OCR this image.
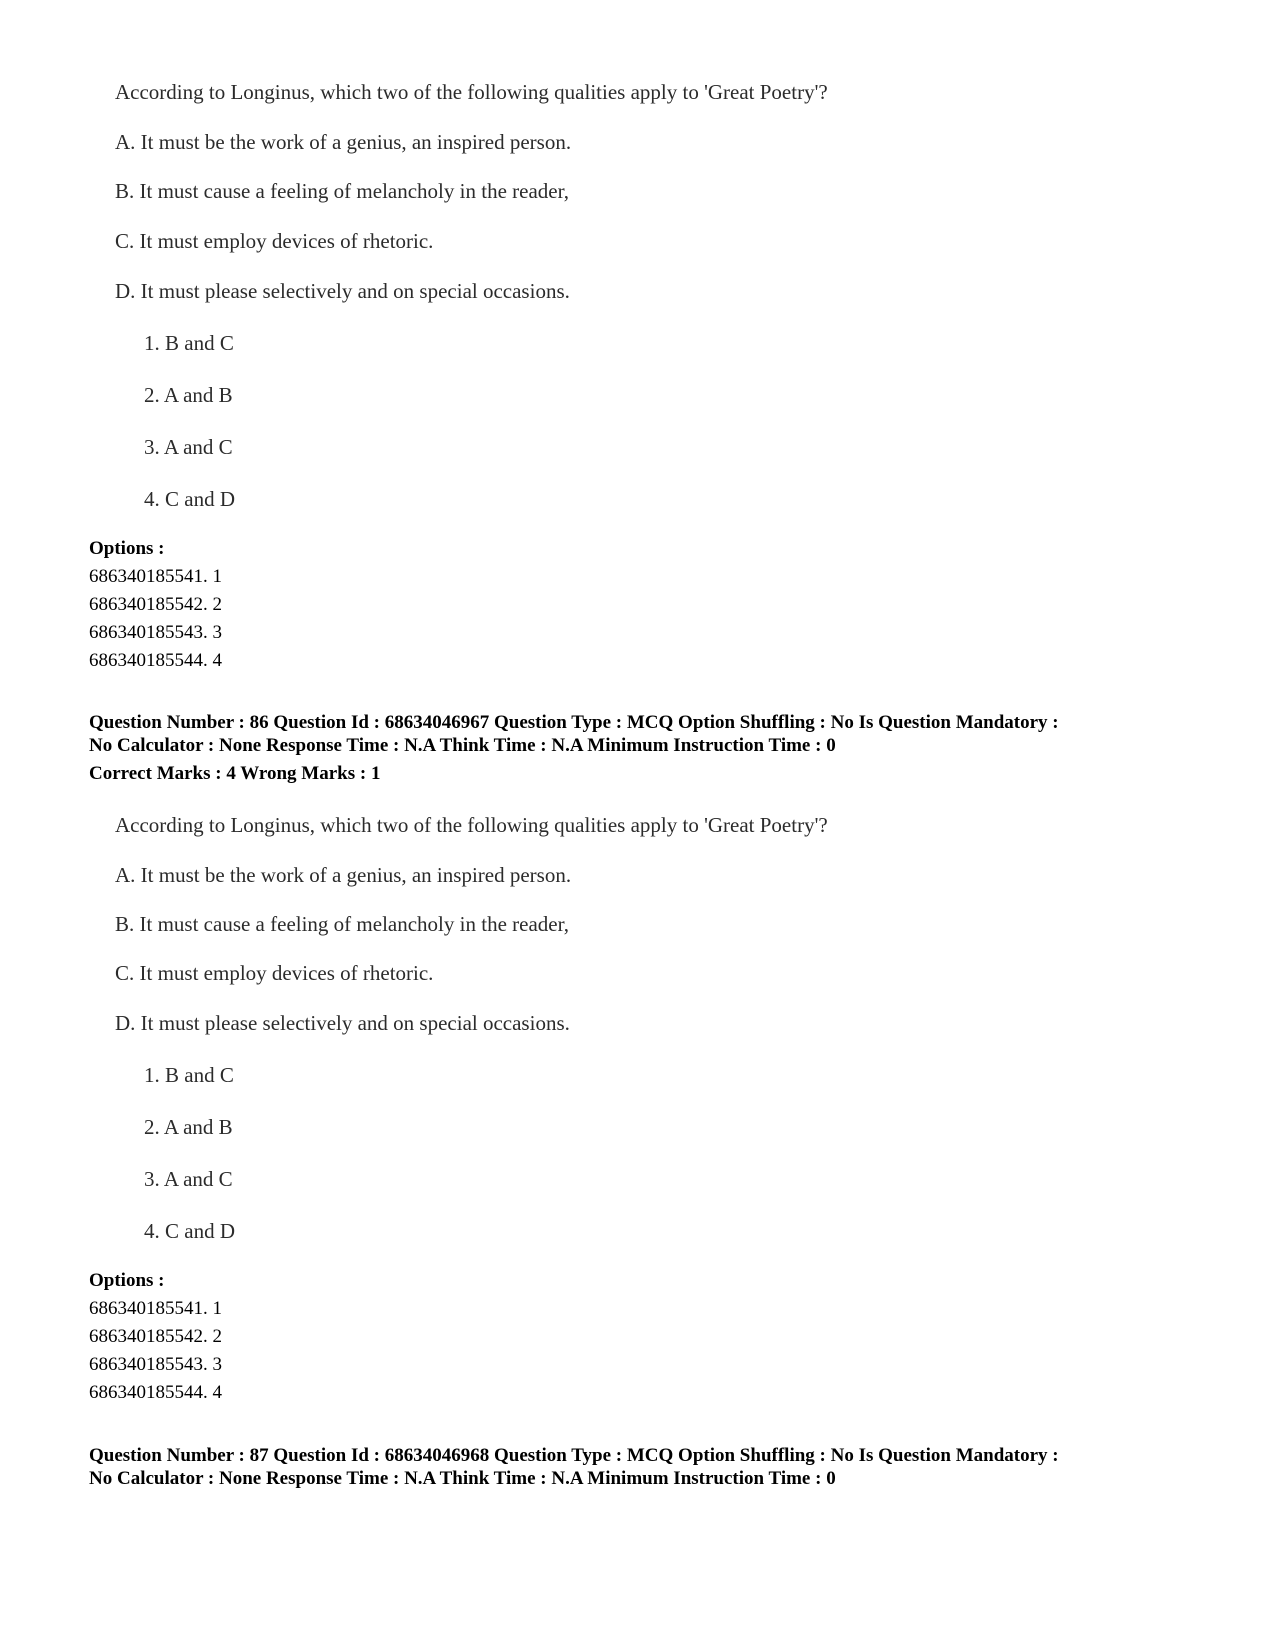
According to Longinus, which two of the following qualities apply to 'Great Poetry'?
A. It must be the work of a genius, an inspired person.
B. It must cause a feeling of melancholy in the reader,
C. It must employ devices of rhetoric.
D. It must please selectively and on special occasions.
1. B and C
2. A and B
3. A and C
4. C and D
Options :
686340185541. 1
686340185542. 2
686340185543. 3
686340185544. 4
Question Number : 86 Question Id : 68634046967 Question Type : MCQ Option Shuffling : No Is Question Mandatory :
No Calculator : None Response Time : N.A Think Time : N.A Minimum Instruction Time : 0
Correct Marks : 4 Wrong Marks : 1
According to Longinus, which two of the following qualities apply to 'Great Poetry'?
A. It must be the work of a genius, an inspired person.
B. It must cause a feeling of melancholy in the reader,
C. It must employ devices of rhetoric.
D. It must please selectively and on special occasions.
1. B and C
2. A and B
3. A and C
4. C and D
Options :
686340185541. 1
686340185542. 2
686340185543. 3
686340185544. 4
Question Number : 87 Question Id : 68634046968 Question Type : MCQ Option Shuffling : No Is Question Mandatory :
No Calculator : None Response Time : N.A Think Time : N.A Minimum Instruction Time : 0
